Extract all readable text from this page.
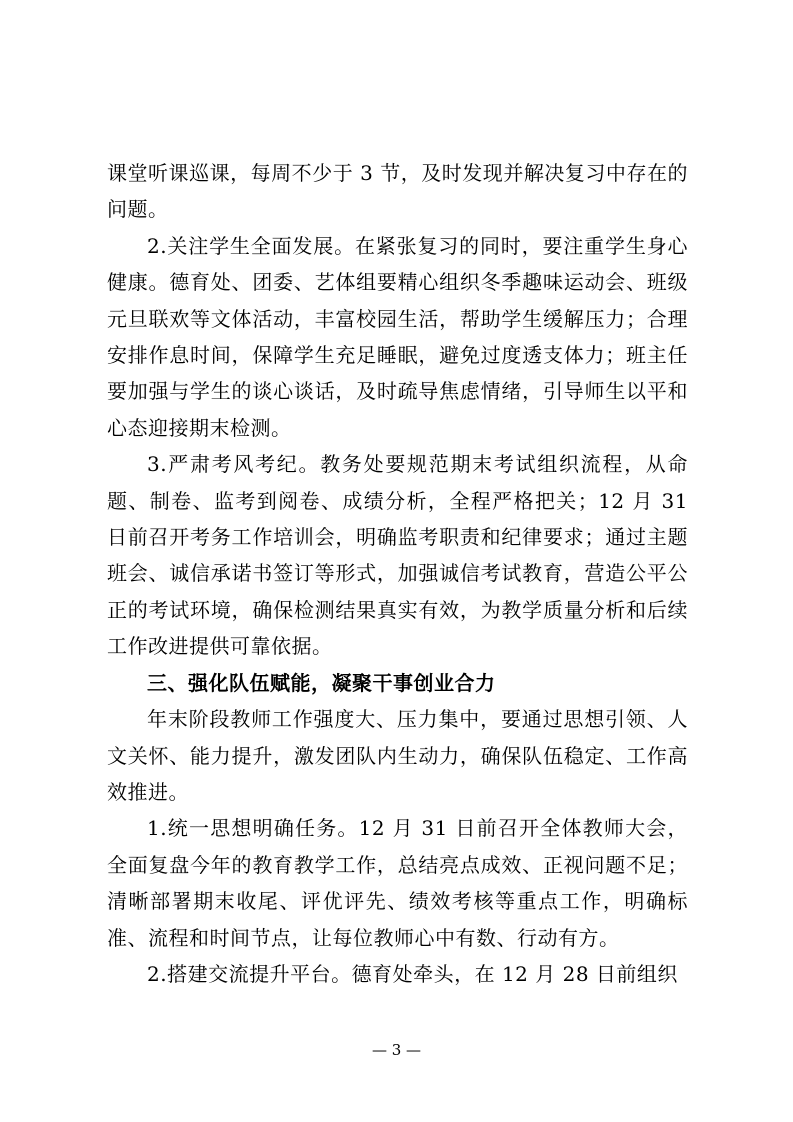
课堂听课巡课，每周不少于 3 节，及时发现并解决复习中存在的问题。

2.关注学生全面发展。在紧张复习的同时，要注重学生身心健康。德育处、团委、艺体组要精心组织冬季趣味运动会、班级元旦联欢等文体活动，丰富校园生活，帮助学生缓解压力；合理安排作息时间，保障学生充足睡眠，避免过度透支体力；班主任要加强与学生的谈心谈话，及时疏导焦虑情绪，引导师生以平和心态迎接期末检测。

3.严肃考风考纪。教务处要规范期末考试组织流程，从命题、制卷、监考到阅卷、成绩分析，全程严格把关；12 月 31 日前召开考务工作培训会，明确监考职责和纪律要求；通过主题班会、诚信承诺书签订等形式，加强诚信考试教育，营造公平公正的考试环境，确保检测结果真实有效，为教学质量分析和后续工作改进提供可靠依据。

三、强化队伍赋能，凝聚干事创业合力

年末阶段教师工作强度大、压力集中，要通过思想引领、人文关怀、能力提升，激发团队内生动力，确保队伍稳定、工作高效推进。

1.统一思想明确任务。12 月 31 日前召开全体教师大会，全面复盘今年的教育教学工作，总结亮点成效、正视问题不足；清晰部署期末收尾、评优评先、绩效考核等重点工作，明确标准、流程和时间节点，让每位教师心中有数、行动有方。

2.搭建交流提升平台。德育处牵头，在 12 月 28 日前组织

— 3 —
